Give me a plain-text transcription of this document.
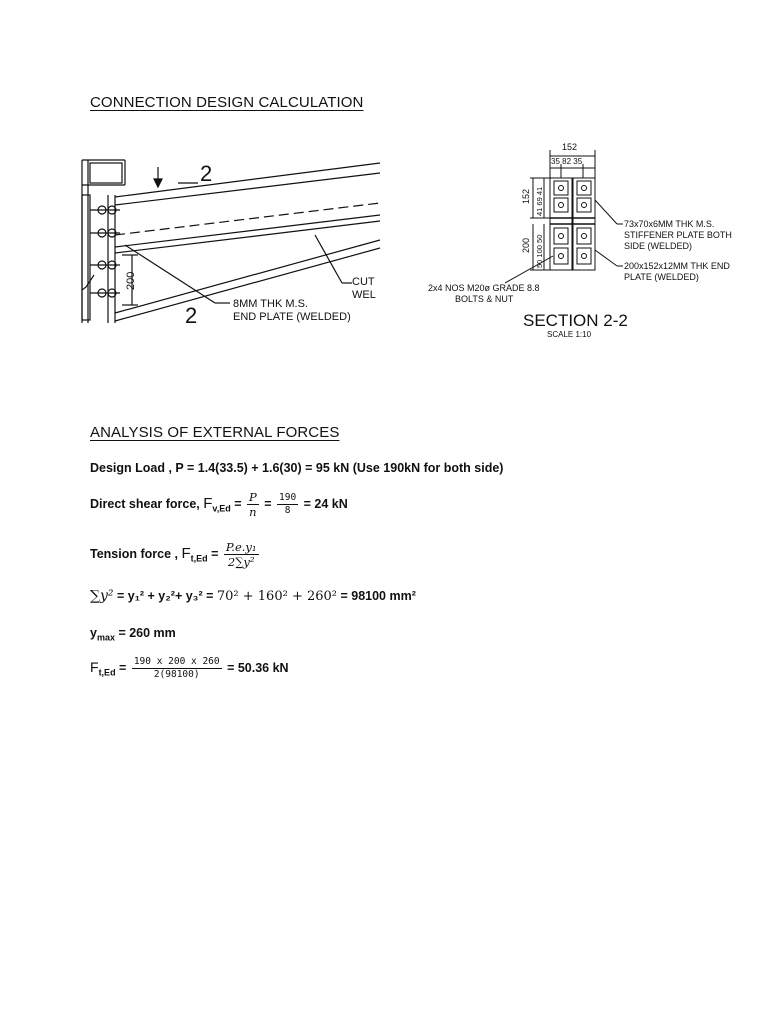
CONNECTION DESIGN CALCULATION
2
2
200
8MM THK M.S.
END PLATE (WELDED)
CUT
WEL
152
35 82 35
152 41 69 41
200 50 100 50
73x70x6MM THK M.S.
STIFFENER PLATE BOTH
SIDE (WELDED)
200x152x12MM THK END
PLATE (WELDED)
2x4 NOS M20ø GRADE 8.8
BOLTS & NUT
SECTION 2-2
SCALE 1:10
ANALYSIS OF EXTERNAL FORCES
Design Load , P = 1.4(33.5) + 1.6(30) = 95 kN (Use 190kN for both side)
Direct shear force, $F_{v,Ed} = \frac{P}{n} = \frac{190}{8} = 24$ kN
Tension force , $F_{t,Ed} = \frac{\text{P.e.y₁}}{\text{2∑y²}}$
∑y² = y₁² + y₂²+ y₃² = 70² + 160² + 260² = 98100 mm²
$y_{max} = 260$ mm
$F_{t,Ed} = \frac{190 x 200 x 260}{2(98100)} = 50.36$ kN
